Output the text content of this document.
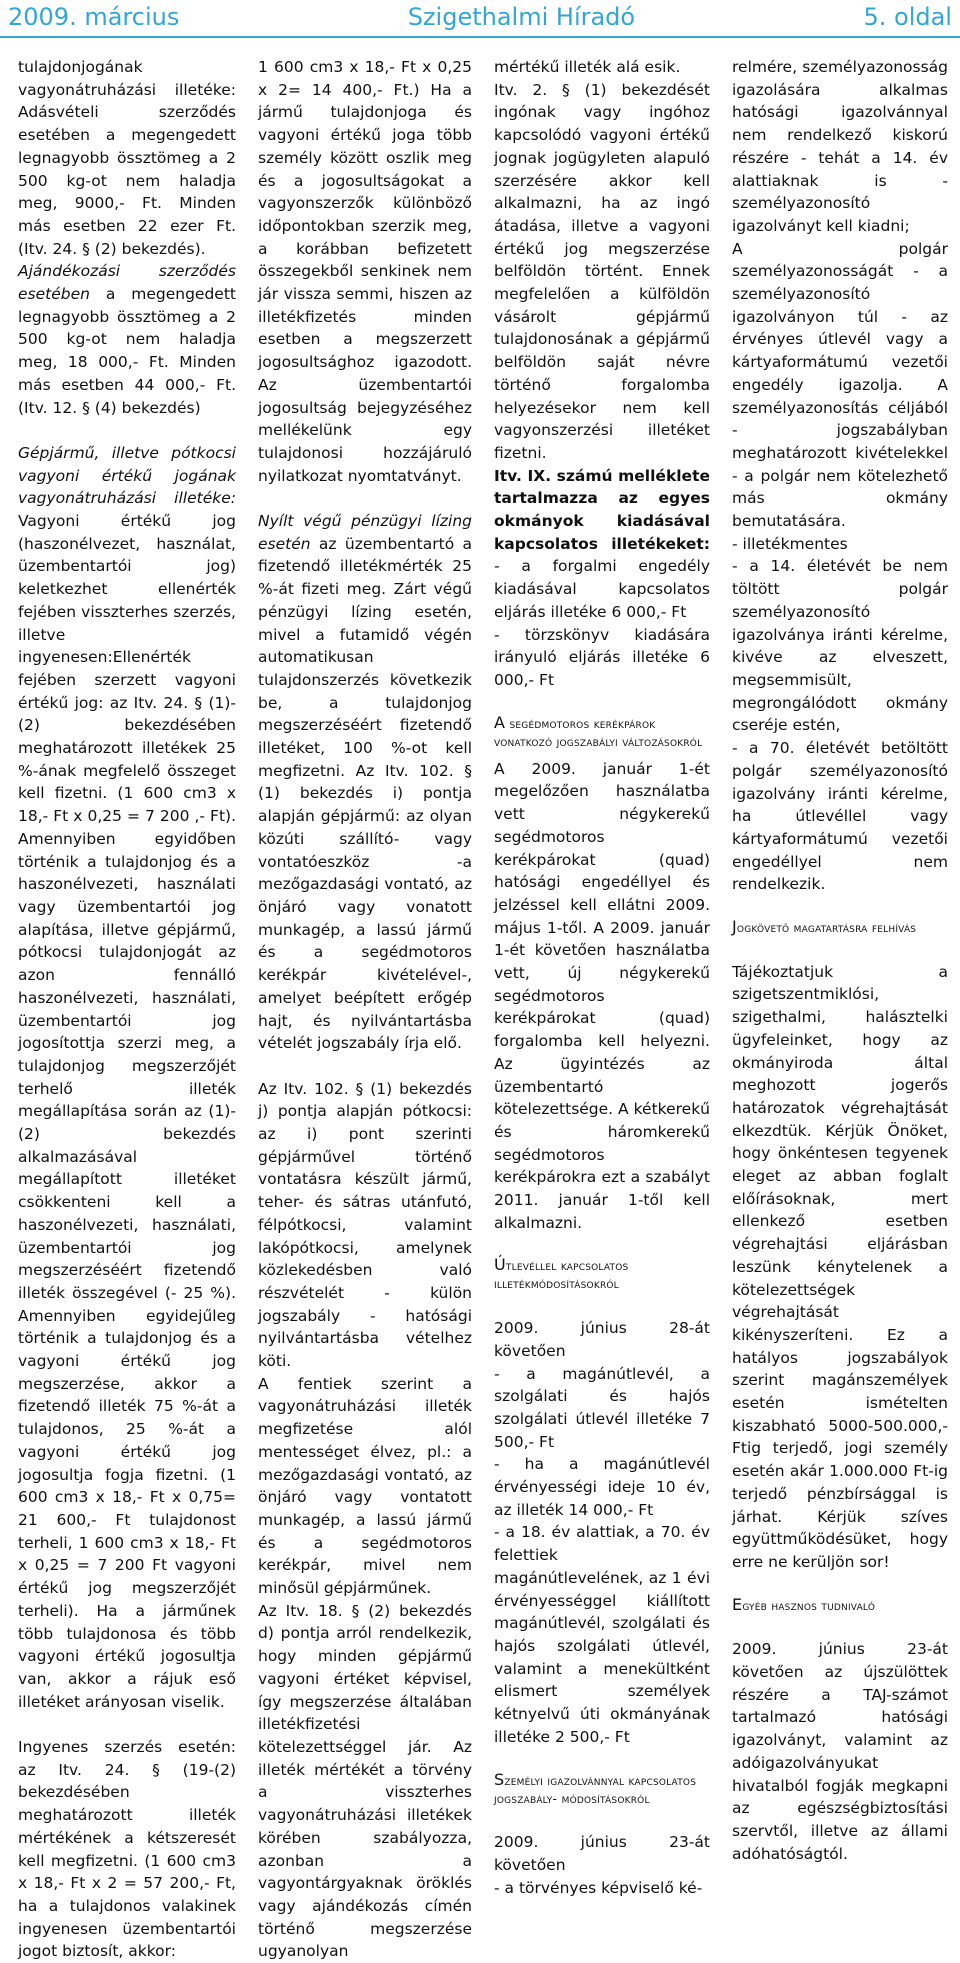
2009. március	Szigethalmi Híradó	5. oldal

tulajdonjogának vagyonátruházási illetéke: Adásvételi szerződés esetében a megengedett legnagyobb össztömeg a 2 500 kg-ot nem haladja meg, 9000,- Ft. Minden más esetben 22 ezer Ft. (Itv. 24. § (2) bekezdés).

Ajándékozási szerződés esetében a megengedett legnagyobb össztömeg a 2 500 kg-ot nem haladja meg, 18 000,- Ft. Minden más esetben 44 000,- Ft. (Itv. 12. § (4) bekezdés)

Gépjármű, illetve pótkocsi vagyoni értékű jogának vagyonátruházási illetéke: Vagyoni értékű jog (haszonélvezet, használat, üzembentartói jog) keletkezhet ellenérték fejében visszterhes szerzés, illetve ingyenesen:Ellenérték fejében szerzett vagyoni értékű jog: az Itv. 24. § (1)-(2) bekezdésében meghatározott illetékek 25 %-ának megfelelő összeget kell fizetni. (1 600 cm3 x 18,- Ft x 0,25 = 7 200 ,- Ft). Amennyiben egyidőben történik a tulajdonjog és a haszonélvezeti, használati vagy üzembentartói jog alapítása, illetve gépjármű, pótkocsi tulajdonjogát az azon fennálló haszonélvezeti, használati, üzembentartói jog jogosítottja szerzi meg, a tulajdonjog megszerzőjét terhelő illeték megállapítása során az (1)-(2) bekezdés alkalmazásával megállapított illetéket csökkenteni kell a haszonélvezeti, használati, üzembentartói jog megszerzéséért fizetendő illeték összegével (- 25 %). Amennyiben egyidejűleg történik a tulajdonjog és a vagyoni értékű jog megszerzése, akkor a fizetendő illeték 75 %-át a tulajdonos, 25 %-át a vagyoni értékű jog jogosultja fogja fizetni. (1 600 cm3 x 18,- Ft x 0,75= 21 600,- Ft tulajdonost terheli, 1 600 cm3 x 18,- Ft x 0,25 = 7 200 Ft vagyoni értékű jog megszerzőjét terheli). Ha a járműnek több tulajdonosa és több vagyoni értékű jogosultja van, akkor a rájuk eső illetéket arányosan viselik.

Ingyenes szerzés esetén: az Itv. 24. § (19-(2) bekezdésében meghatározott illeték mértékének a kétszeresét kell megfizetni. (1 600 cm3 x 18,- Ft x 2 = 57 200,- Ft, ha a tulajdonos valakinek ingyenesen üzembentartói jogot biztosít, akkor:

1 600 cm3 x 18,- Ft x 0,25 x 2= 14 400,- Ft.) Ha a jármű tulajdonjoga és vagyoni értékű joga több személy között oszlik meg és a jogosultságokat a vagyonszerzők különböző időpontokban szerzik meg, a korábban befizetett összegekből senkinek nem jár vissza semmi, hiszen az illetékfizetés minden esetben a megszerzett jogosultsághoz igazodott. Az üzembentartói jogosultság bejegyzéséhez mellékelünk egy tulajdonosi hozzájáruló nyilatkozat nyomtatványt.

Nyílt végű pénzügyi lízing esetén az üzembentartó a fizetendő illetékmérték 25 %-át fizeti meg. Zárt végű pénzügyi lízing esetén, mivel a futamidő végén automatikusan tulajdonszerzés következik be, a tulajdonjog megszerzéséért fizetendő illetéket, 100 %-ot kell megfizetni. Az Itv. 102. § (1) bekezdés i) pontja alapján gépjármű: az olyan közúti szállító- vagy vontatóeszköz -a mezőgazdasági vontató, az önjáró vagy vonatott munkagép, a lassú jármű és a segédmotoros kerékpár kivételével-, amelyet beépített erőgép hajt, és nyilvántartásba vételét jogszabály írja elő.

Az Itv. 102. § (1) bekezdés j) pontja alapján pótkocsi: az i) pont szerinti gépjárművel történő vontatásra készült jármű, teher- és sátras utánfutó, félpótkocsi, valamint lakópótkocsi, amelynek közlekedésben való részvételét - külön jogszabály - hatósági nyilvántartásba vételhez köti.

A fentiek szerint a vagyonátruházási illeték megfizetése alól mentességet élvez, pl.: a mezőgazdasági vontató, az önjáró vagy vontatott munkagép, a lassú jármű és a segédmotoros kerékpár, mivel nem minősül gépjárműnek.

Az Itv. 18. § (2) bekezdés d) pontja arról rendelkezik, hogy minden gépjármű vagyoni értéket képvisel, így megszerzése általában illetékfizetési kötelezettséggel jár. Az illeték mértékét a törvény a visszterhes vagyonátruházási illetékek körében szabályozza, azonban a vagyontárgyaknak öröklés vagy ajándékozás címén történő megszerzése ugyanolyan

mértékű illeték alá esik.

Itv. 2. § (1) bekezdését ingónak vagy ingóhoz kapcsolódó vagyoni értékű jognak jogügyleten alapuló szerzésére akkor kell alkalmazni, ha az ingó átadása, illetve a vagyoni értékű jog megszerzése belföldön történt. Ennek megfelelően a külföldön vásárolt gépjármű tulajdonosának a gépjármű belföldön saját névre történő forgalomba helyezésekor nem kell vagyonszerzési illetéket fizetni.

Itv. IX. számú melléklete tartalmazza az egyes okmányok kiadásával kapcsolatos illetékeket: - a forgalmi engedély kiadásával kapcsolatos eljárás illetéke 6 000,- Ft

- törzskönyv kiadására irányuló eljárás illetéke 6 000,- Ft

A segédmotoros kerékpárok vonatkozó jogszabályi változásokról

A 2009. január 1-ét megelőzően használatba vett négykerekű segédmotoros kerékpárokat (quad) hatósági engedéllyel és jelzéssel kell ellátni 2009. május 1-től. A 2009. január 1-ét követően használatba vett, új négykerekű segédmotoros kerékpárokat (quad) forgalomba kell helyezni. Az ügyintézés az üzembentartó kötelezettsége. A kétkerekű és háromkerekű segédmotoros kerékpárokra ezt a szabályt 2011. január 1-től kell alkalmazni.

Útlevéllel kapcsolatos illetékmódosításokról

2009. június 28-át követően

- a magánútlevél, a szolgálati és hajós szolgálati útlevél illetéke 7 500,- Ft

- ha a magánútlevél érvényességi ideje 10 év, az illeték 14 000,- Ft

- a 18. év alattiak, a 70. év felettiek magánútlevelének, az 1 évi érvényességgel kiállított magánútlevél, szolgálati és hajós szolgálati útlevél, valamint a menekültként elismert személyek kétnyelvű úti okmányának illetéke 2 500,- Ft

Személyi igazolvánnyal kapcsolatos jogszabály- módosításokról

2009. június 23-át követően

- a törvényes képviselő ké-

relmére, személyazonosság igazolására alkalmas hatósági igazolvánnyal nem rendelkező kiskorú részére - tehát a 14. év alattiaknak is - személyazonosító igazolványt kell kiadni;

A polgár személyazonosságát - a személyazonosító igazolványon túl - az érvényes útlevél vagy a kártyaformátumú vezetői engedély igazolja. A személyazonosítás céljából - jogszabályban meghatározott kivételekkel - a polgár nem kötelezhető más okmány bemutatására.

- illetékmentes

- a 14. életévét be nem töltött polgár személyazonosító igazolványa iránti kérelme, kivéve az elveszett, megsemmisült, megrongálódott okmány cseréje estén,

- a 70. életévét betöltött polgár személyazonosító igazolvány iránti kérelme, ha útlevéllel vagy kártyaformátumú vezetői engedéllyel nem rendelkezik.

Jogkövető magatartásra felhívás

Tájékoztatjuk a szigetszentmiklósi, szigethalmi, halásztelki ügyfeleinket, hogy az okmányiroda által meghozott jogerős határozatok végrehajtását elkezdtük. Kérjük Önöket, hogy önkéntesen tegyenek eleget az abban foglalt előírásoknak, mert ellenkező esetben végrehajtási eljárásban leszünk kénytelenek a kötelezettségek végrehajtását kikényszeríteni. Ez a hatályos jogszabályok szerint magánszemélyek esetén ismételten kiszabható 5000-500.000,- Ftig terjedő, jogi személy esetén akár 1.000.000 Ft-ig terjedő pénzbírsággal is járhat. Kérjük szíves együttműködésüket, hogy erre ne kerüljön sor!

Egyéb hasznos tudnivaló

2009. június 23-át követően az újszülöttek részére a TAJ-számot tartalmazó hatósági igazolványt, valamint az adóigazolványukat hivatalból fogják megkapni az egészségbiztosítási szervtől, illetve az állami adóhatóságtól.
